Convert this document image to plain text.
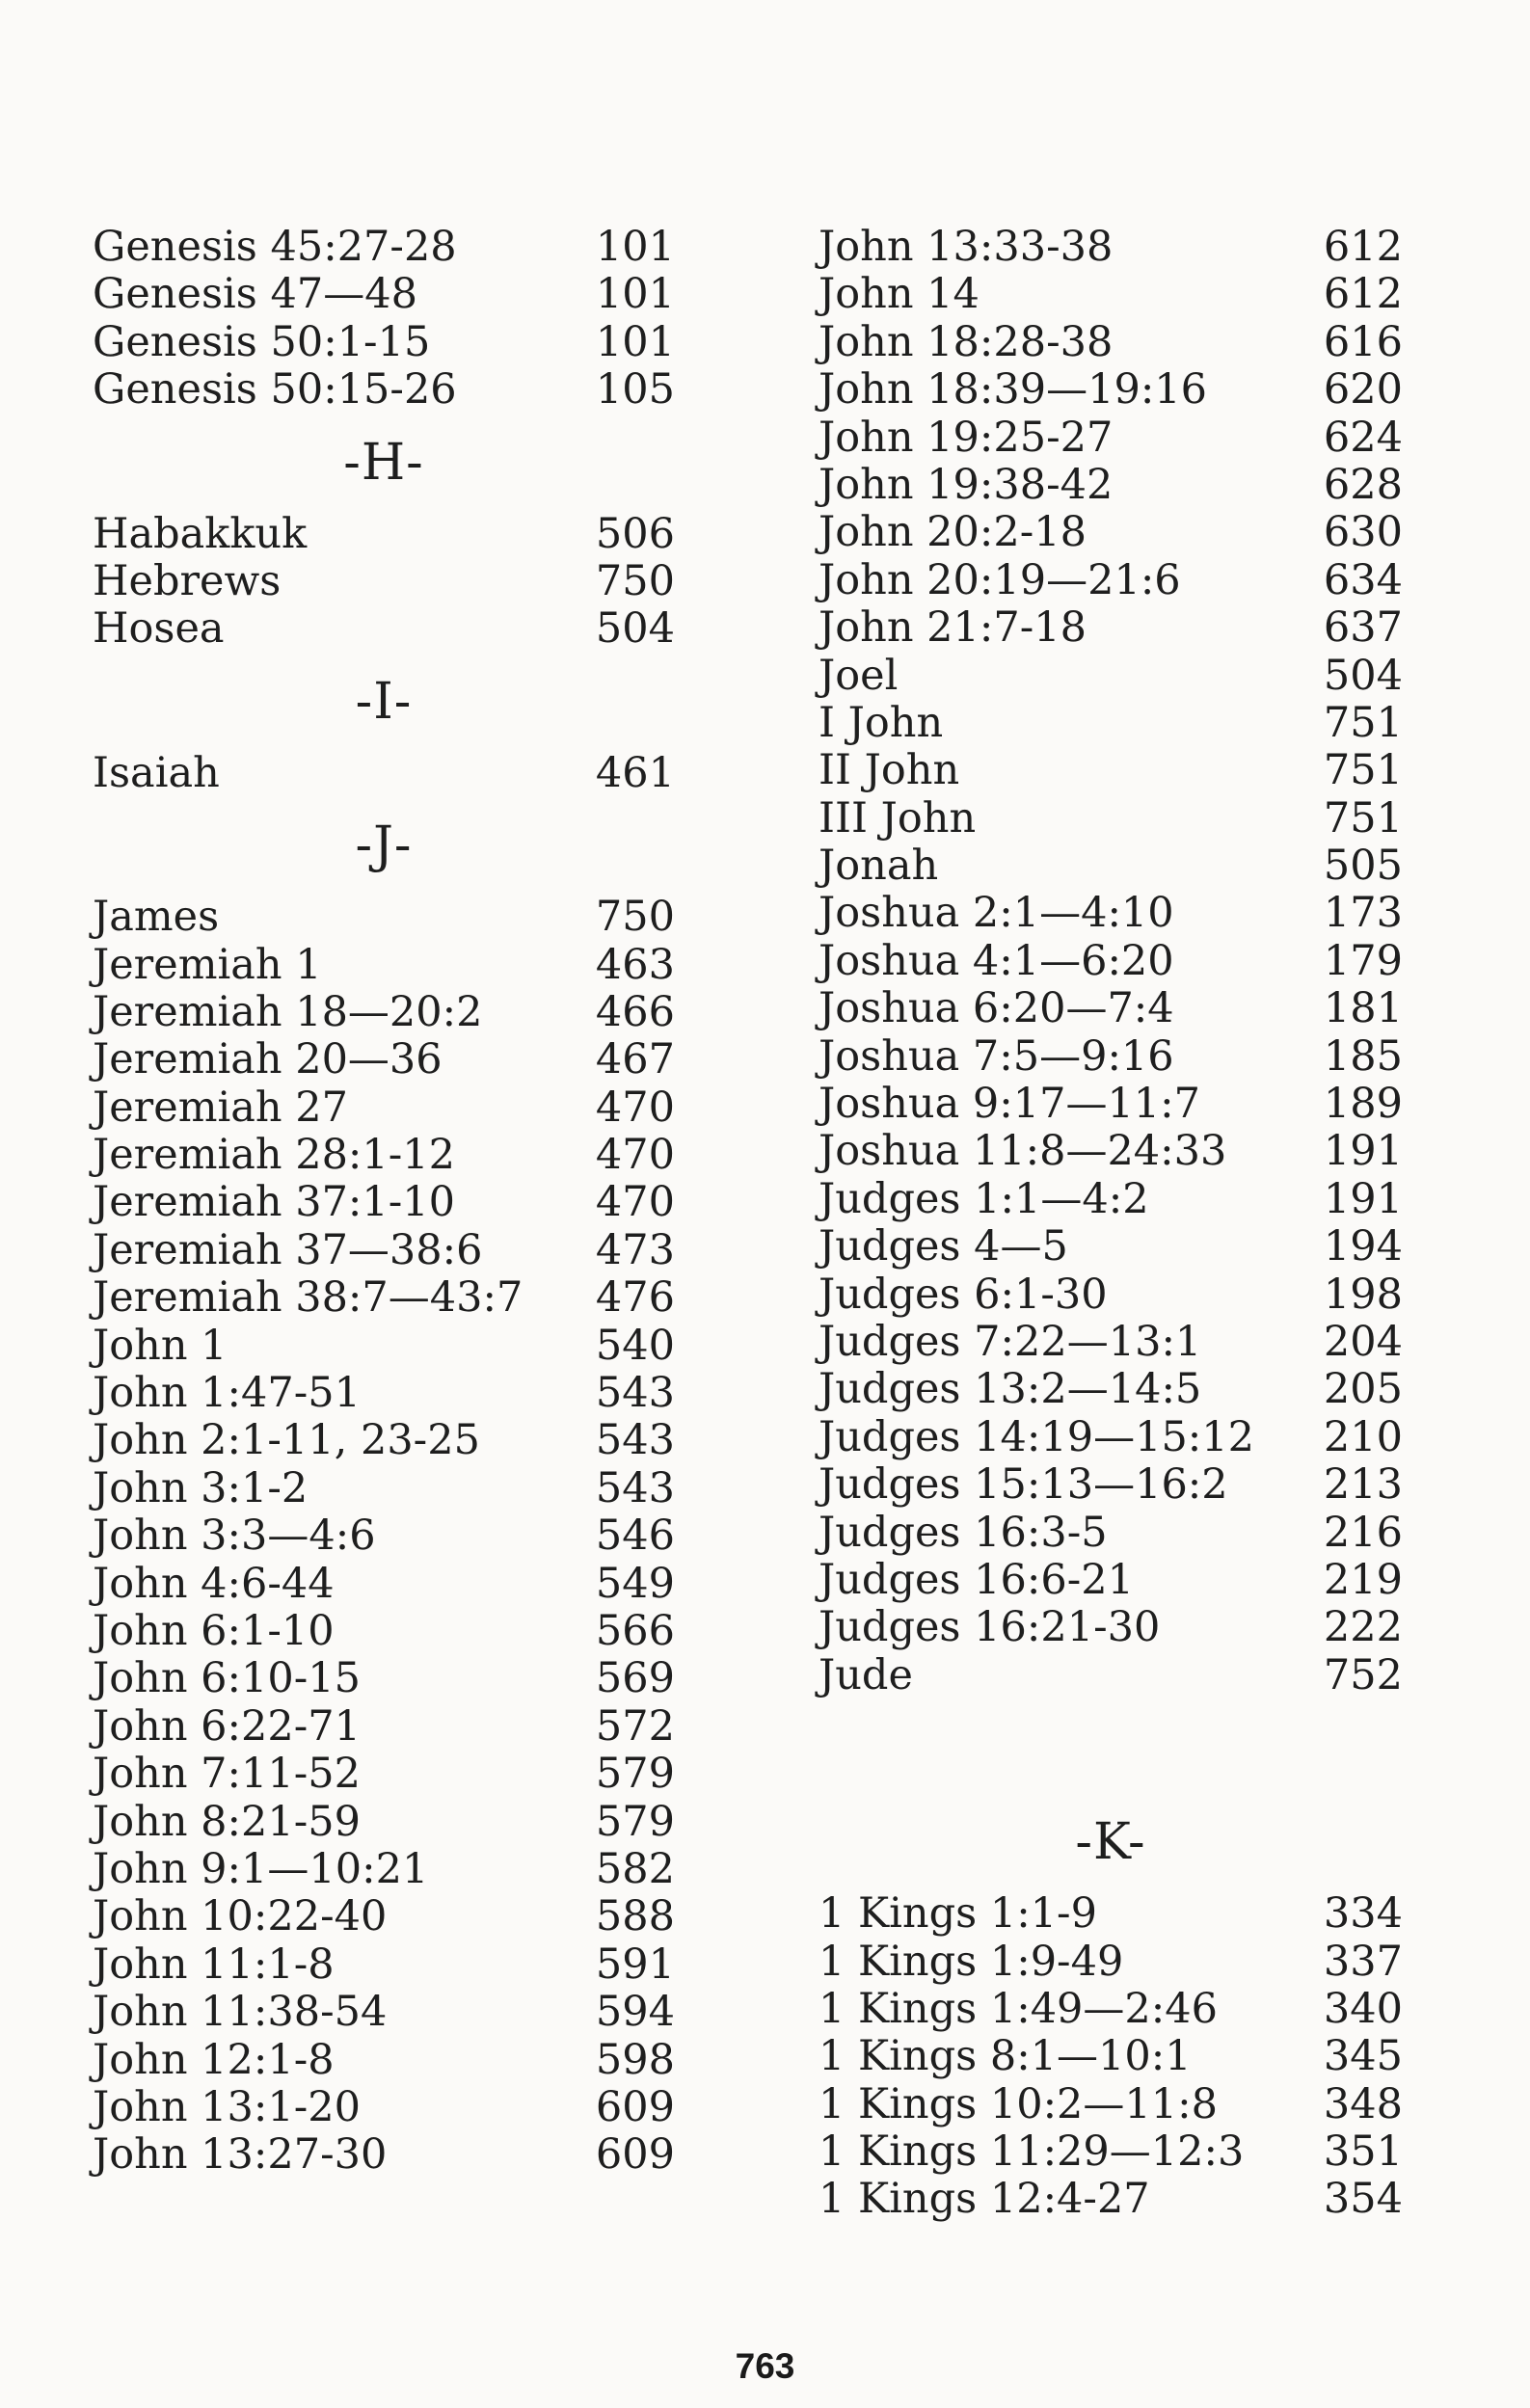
Genesis 45:27-28	101
Genesis 47—48	101
Genesis 50:1-15	101
Genesis 50:15-26	105
-H-
Habakkuk	506
Hebrews	750
Hosea	504
-I-
Isaiah	461
-J-
James	750
Jeremiah 1	463
Jeremiah 18—20:2	466
Jeremiah 20—36	467
Jeremiah 27	470
Jeremiah 28:1-12	470
Jeremiah 37:1-10	470
Jeremiah 37—38:6	473
Jeremiah 38:7—43:7	476
John 1	540
John 1:47-51	543
John 2:1-11, 23-25	543
John 3:1-2	543
John 3:3—4:6	546
John 4:6-44	549
John 6:1-10	566
John 6:10-15	569
John 6:22-71	572
John 7:11-52	579
John 8:21-59	579
John 9:1—10:21	582
John 10:22-40	588
John 11:1-8	591
John 11:38-54	594
John 12:1-8	598
John 13:1-20	609
John 13:27-30	609
John 13:33-38	612
John 14	612
John 18:28-38	616
John 18:39—19:16	620
John 19:25-27	624
John 19:38-42	628
John 20:2-18	630
John 20:19—21:6	634
John 21:7-18	637
Joel	504
I John	751
II John	751
III John	751
Jonah	505
Joshua 2:1—4:10	173
Joshua 4:1—6:20	179
Joshua 6:20—7:4	181
Joshua 7:5—9:16	185
Joshua 9:17—11:7	189
Joshua 11:8—24:33	191
Judges 1:1—4:2	191
Judges 4—5	194
Judges 6:1-30	198
Judges 7:22—13:1	204
Judges 13:2—14:5	205
Judges 14:19—15:12	210
Judges 15:13—16:2	213
Judges 16:3-5	216
Judges 16:6-21	219
Judges 16:21-30	222
Jude	752
-K-
1 Kings 1:1-9	334
1 Kings 1:9-49	337
1 Kings 1:49—2:46	340
1 Kings 8:1—10:1	345
1 Kings 10:2—11:8	348
1 Kings 11:29—12:3	351
1 Kings 12:4-27	354
763
